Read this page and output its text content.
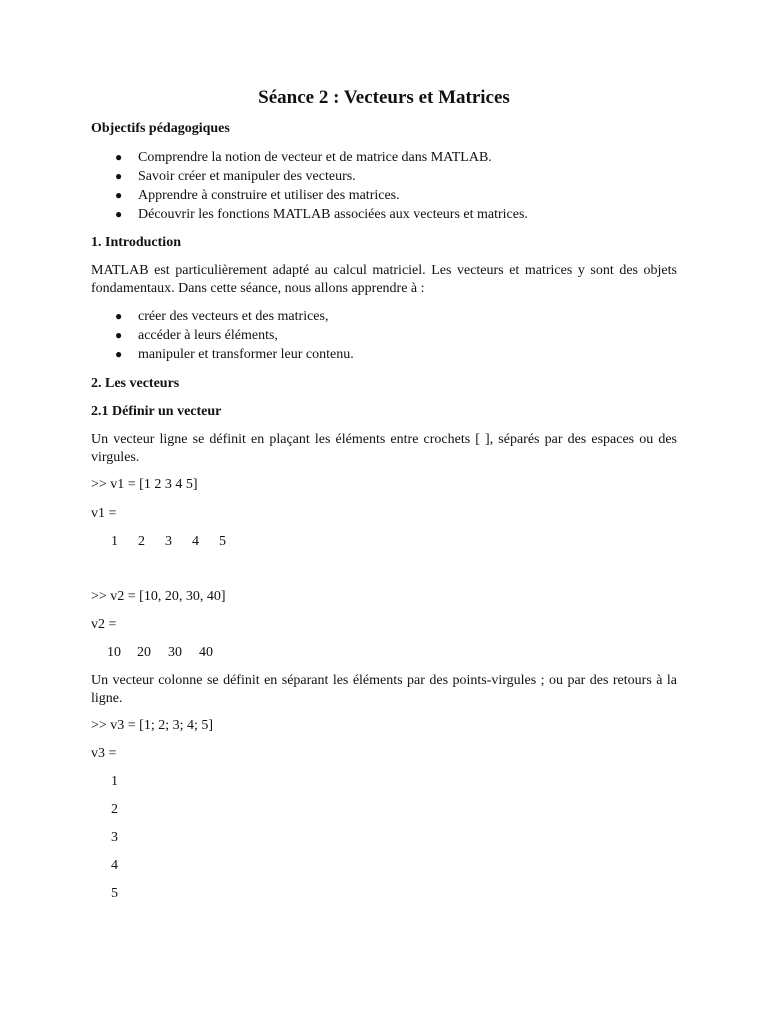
Séance 2 : Vecteurs et Matrices

Objectifs pédagogiques

● Comprendre la notion de vecteur et de matrice dans MATLAB.
● Savoir créer et manipuler des vecteurs.
● Apprendre à construire et utiliser des matrices.
● Découvrir les fonctions MATLAB associées aux vecteurs et matrices.

1. Introduction

MATLAB est particulièrement adapté au calcul matriciel. Les vecteurs et matrices y sont des objets fondamentaux. Dans cette séance, nous allons apprendre à :

● créer des vecteurs et des matrices,
● accéder à leurs éléments,
● manipuler et transformer leur contenu.

2. Les vecteurs

2.1 Définir un vecteur

Un vecteur ligne se définit en plaçant les éléments entre crochets [ ], séparés par des espaces ou des virgules.

>> v1 = [1 2 3 4 5]

v1 =

1 2 3 4 5

>> v2 = [10, 20, 30, 40]

v2 =

10 20 30 40

Un vecteur colonne se définit en séparant les éléments par des points-virgules ; ou par des retours à la ligne.

>> v3 = [1; 2; 3; 4; 5]

v3 =

1

2

3

4

5
